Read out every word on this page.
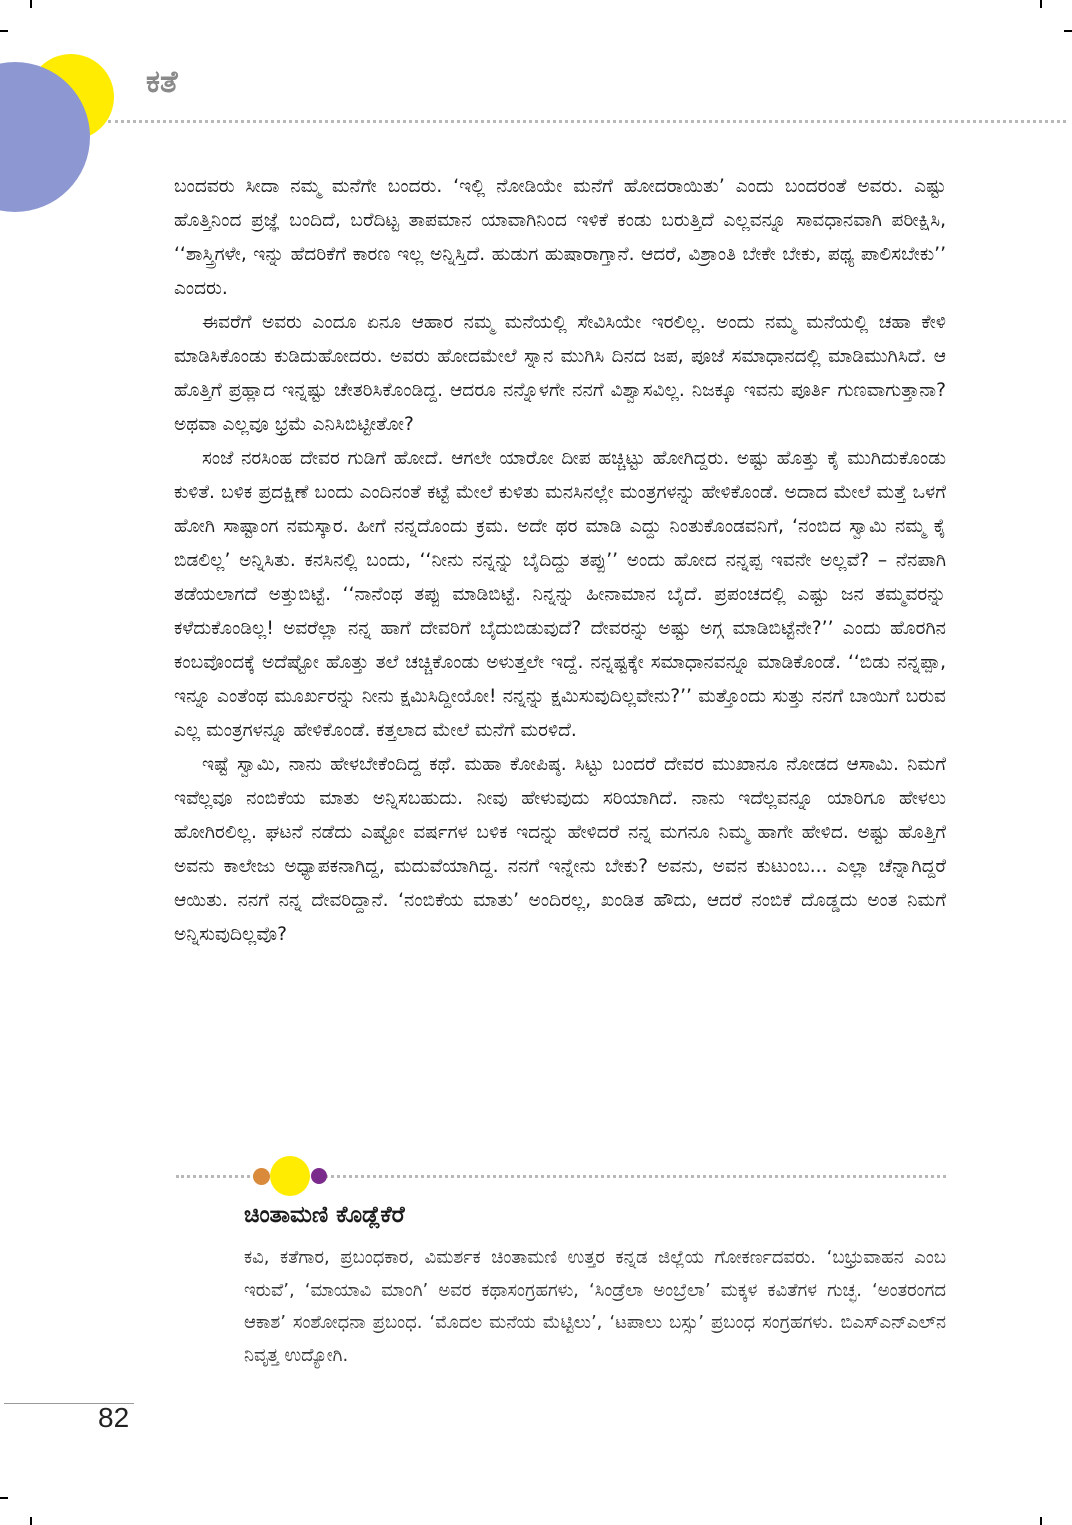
ಕತೆ

ಬಂದವರು ಸೀದಾ ನಮ್ಮ ಮನೆಗೇ ಬಂದರು. ‘ಇಲ್ಲಿ ನೋಡಿಯೇ ಮನೆಗೆ ಹೋದರಾಯಿತು’ ಎಂದು ಬಂದರಂತೆ ಅವರು. ಎಷ್ಟು ಹೊತ್ತಿನಿಂದ ಪ್ರಜ್ಞೆ ಬಂದಿದೆ, ಬರೆದಿಟ್ಟ ತಾಪಮಾನ ಯಾವಾಗಿನಿಂದ ಇಳಿಕೆ ಕಂಡು ಬರುತ್ತಿದೆ ಎಲ್ಲವನ್ನೂ ಸಾವಧಾನವಾಗಿ ಪರೀಕ್ಷಿಸಿ, ‘‘ಶಾಸ್ತ್ರಿಗಳೇ, ಇನ್ನು ಹೆದರಿಕೆಗೆ ಕಾರಣ ಇಲ್ಲ ಅನ್ನಿಸ್ತಿದೆ. ಹುಡುಗ ಹುಷಾರಾಗ್ತಾನೆ. ಆದರೆ, ವಿಶ್ರಾಂತಿ ಬೇಕೇ ಬೇಕು, ಪಥ್ಯ ಪಾಲಿಸಬೇಕು’’ ಎಂದರು.

ಈವರೆಗೆ ಅವರು ಎಂದೂ ಏನೂ ಆಹಾರ ನಮ್ಮ ಮನೆಯಲ್ಲಿ ಸೇವಿಸಿಯೇ ಇರಲಿಲ್ಲ. ಅಂದು ನಮ್ಮ ಮನೆಯಲ್ಲಿ ಚಹಾ ಕೇಳಿ ಮಾಡಿಸಿಕೊಂಡು ಕುಡಿದುಹೋದರು. ಅವರು ಹೋದಮೇಲೆ ಸ್ನಾನ ಮುಗಿಸಿ ದಿನದ ಜಪ, ಪೂಜೆ ಸಮಾಧಾನದಲ್ಲಿ ಮಾಡಿಮುಗಿಸಿದೆ. ಆ ಹೊತ್ತಿಗೆ ಪ್ರಹ್ಲಾದ ಇನ್ನಷ್ಟು ಚೇತರಿಸಿಕೊಂಡಿದ್ದ. ಆದರೂ ನನ್ನೊಳಗೇ ನನಗೆ ವಿಶ್ವಾಸವಿಲ್ಲ. ನಿಜಕ್ಕೂ ಇವನು ಪೂರ್ತಿ ಗುಣವಾಗುತ್ತಾನಾ? ಅಥವಾ ಎಲ್ಲವೂ ಭ್ರಮೆ ಎನಿಸಿಬಿಟ್ಟೀತೋ?

ಸಂಜೆ ನರಸಿಂಹ ದೇವರ ಗುಡಿಗೆ ಹೋದೆ. ಆಗಲೇ ಯಾರೋ ದೀಪ ಹಚ್ಚಿಟ್ಟು ಹೋಗಿದ್ದರು. ಅಷ್ಟು ಹೊತ್ತು ಕೈ ಮುಗಿದುಕೊಂಡು ಕುಳಿತೆ. ಬಳಿಕ ಪ್ರದಕ್ಷಿಣೆ ಬಂದು ಎಂದಿನಂತೆ ಕಟ್ಟೆ ಮೇಲೆ ಕುಳಿತು ಮನಸಿನಲ್ಲೇ ಮಂತ್ರಗಳನ್ನು ಹೇಳಿಕೊಂಡೆ. ಅದಾದ ಮೇಲೆ ಮತ್ತೆ ಒಳಗೆ ಹೋಗಿ ಸಾಷ್ಟಾಂಗ ನಮಸ್ಕಾರ. ಹೀಗೆ ನನ್ನದೊಂದು ಕ್ರಮ. ಅದೇ ಥರ ಮಾಡಿ ಎದ್ದು ನಿಂತುಕೊಂಡವನಿಗೆ, ‘ನಂಬಿದ ಸ್ವಾಮಿ ನಮ್ಮ ಕೈ ಬಿಡಲಿಲ್ಲ’ ಅನ್ನಿಸಿತು. ಕನಸಿನಲ್ಲಿ ಬಂದು, ‘‘ನೀನು ನನ್ನನ್ನು ಬೈದಿದ್ದು ತಪ್ಪು’’ ಅಂದು ಹೋದ ನನ್ನಪ್ಪ ಇವನೇ ಅಲ್ಲವೆ? – ನೆನಪಾಗಿ ತಡೆಯಲಾಗದೆ ಅತ್ತುಬಿಟ್ಟೆ. ‘‘ನಾನೆಂಥ ತಪ್ಪು ಮಾಡಿಬಿಟ್ಟೆ. ನಿನ್ನನ್ನು ಹೀನಾಮಾನ ಬೈದೆ. ಪ್ರಪಂಚದಲ್ಲಿ ಎಷ್ಟು ಜನ ತಮ್ಮವರನ್ನು ಕಳೆದುಕೊಂಡಿಲ್ಲ! ಅವರೆಲ್ಲಾ ನನ್ನ ಹಾಗೆ ದೇವರಿಗೆ ಬೈದುಬಿಡುವುದೆ? ದೇವರನ್ನು ಅಷ್ಟು ಅಗ್ಗ ಮಾಡಿಬಿಟ್ಟೆನೇ?’’ ಎಂದು ಹೊರಗಿನ ಕಂಬವೊಂದಕ್ಕೆ ಅದೆಷ್ಟೋ ಹೊತ್ತು ತಲೆ ಚಚ್ಚಿಕೊಂಡು ಅಳುತ್ತಲೇ ಇದ್ದೆ. ನನ್ನಷ್ಟಕ್ಕೇ ಸಮಾಧಾನವನ್ನೂ ಮಾಡಿಕೊಂಡೆ. ‘‘ಬಿಡು ನನ್ನಪ್ಪಾ, ಇನ್ನೂ ಎಂತೆಂಥ ಮೂರ್ಖರನ್ನು ನೀನು ಕ್ಷಮಿಸಿದ್ದೀಯೋ! ನನ್ನನ್ನು ಕ್ಷಮಿಸುವುದಿಲ್ಲವೇನು?’’ ಮತ್ತೊಂದು ಸುತ್ತು ನನಗೆ ಬಾಯಿಗೆ ಬರುವ ಎಲ್ಲ ಮಂತ್ರಗಳನ್ನೂ ಹೇಳಿಕೊಂಡೆ. ಕತ್ತಲಾದ ಮೇಲೆ ಮನೆಗೆ ಮರಳಿದೆ.

ಇಷ್ಟೆ ಸ್ವಾಮಿ, ನಾನು ಹೇಳಬೇಕೆಂದಿದ್ದ ಕಥೆ. ಮಹಾ ಕೋಪಿಷ್ಠ. ಸಿಟ್ಟು ಬಂದರೆ ದೇವರ ಮುಖಾನೂ ನೋಡದ ಆಸಾಮಿ. ನಿಮಗೆ ಇವೆಲ್ಲವೂ ನಂಬಿಕೆಯ ಮಾತು ಅನ್ನಿಸಬಹುದು. ನೀವು ಹೇಳುವುದು ಸರಿಯಾಗಿದೆ. ನಾನು ಇದೆಲ್ಲವನ್ನೂ ಯಾರಿಗೂ ಹೇಳಲು ಹೋಗಿರಲಿಲ್ಲ. ಘಟನೆ ನಡೆದು ಎಷ್ಟೋ ವರ್ಷಗಳ ಬಳಿಕ ಇದನ್ನು ಹೇಳಿದರೆ ನನ್ನ ಮಗನೂ ನಿಮ್ಮ ಹಾಗೇ ಹೇಳಿದ. ಅಷ್ಟು ಹೊತ್ತಿಗೆ ಅವನು ಕಾಲೇಜು ಅಧ್ಯಾಪಕನಾಗಿದ್ದ, ಮದುವೆಯಾಗಿದ್ದ. ನನಗೆ ಇನ್ನೇನು ಬೇಕು? ಅವನು, ಅವನ ಕುಟುಂಬ... ಎಲ್ಲಾ ಚೆನ್ನಾಗಿದ್ದರೆ ಆಯಿತು. ನನಗೆ ನನ್ನ ದೇವರಿದ್ದಾನೆ. ‘ನಂಬಿಕೆಯ ಮಾತು’ ಅಂದಿರಲ್ಲ, ಖಂಡಿತ ಹೌದು, ಆದರೆ ನಂಬಿಕೆ ದೊಡ್ಡದು ಅಂತ ನಿಮಗೆ ಅನ್ನಿಸುವುದಿಲ್ಲವೊ?

ಚಿಂತಾಮಣಿ ಕೊಡ್ಲೆಕೆರೆ

ಕವಿ, ಕತೆಗಾರ, ಪ್ರಬಂಧಕಾರ, ವಿಮರ್ಶಕ ಚಿಂತಾಮಣಿ ಉತ್ತರ ಕನ್ನಡ ಜಿಲ್ಲೆಯ ಗೋಕರ್ಣದವರು. ‘ಬಭ್ರುವಾಹನ ಎಂಬ ಇರುವೆ’, ‘ಮಾಯಾವಿ ಮಾಂಗಿ’ ಅವರ ಕಥಾಸಂಗ್ರಹಗಳು, ‘ಸಿಂಡ್ರೆಲಾ ಅಂಬ್ರೆಲಾ’ ಮಕ್ಕಳ ಕವಿತೆಗಳ ಗುಚ್ಛ. ‘ಅಂತರಂಗದ ಆಕಾಶ’ ಸಂಶೋಧನಾ ಪ್ರಬಂಧ. ‘ಮೊದಲ ಮನೆಯ ಮೆಟ್ಟಿಲು’, ‘ಟಪಾಲು ಬಸ್ಸು’ ಪ್ರಬಂಧ ಸಂಗ್ರಹಗಳು. ಬಿಎಸ್‌ಎನ್‌ಎಲ್‌ನ ನಿವೃತ್ತ ಉದ್ಯೋಗಿ.

82
